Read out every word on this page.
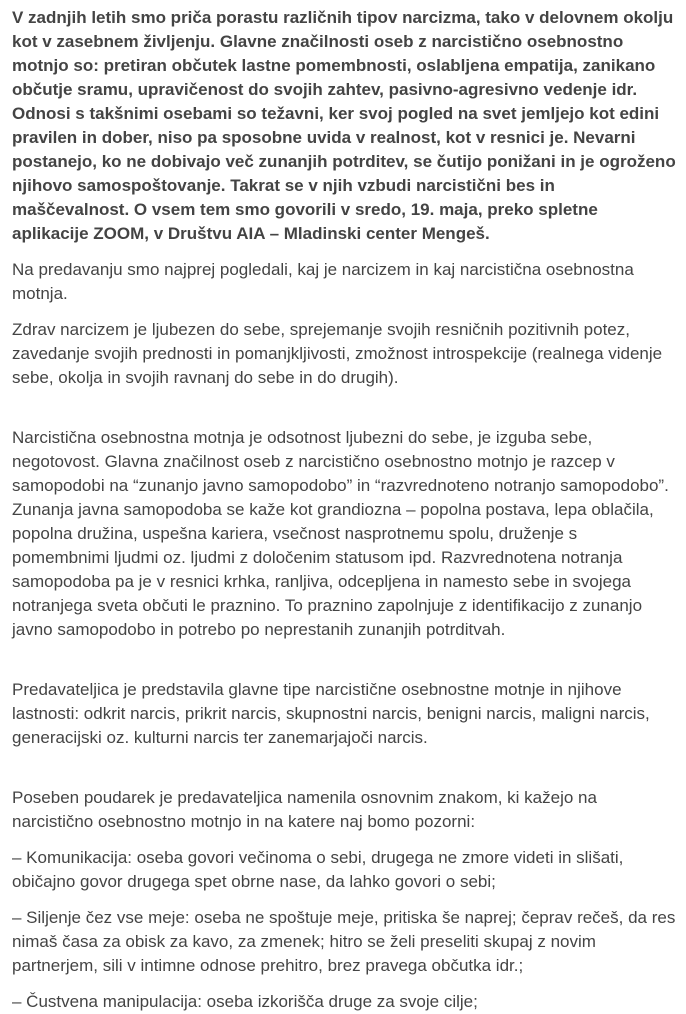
V zadnjih letih smo priča porastu različnih tipov narcizma, tako v delovnem okolju kot v zasebnem življenju. Glavne značilnosti oseb z narcistično osebnostno motnjo so: pretiran občutek lastne pomembnosti, oslabljena empatija, zanikano občutje sramu, upravičenost do svojih zahtev, pasivno-agresivno vedenje idr. Odnosi s takšnimi osebami so težavni, ker svoj pogled na svet jemljejo kot edini pravilen in dober, niso pa sposobne uvida v realnost, kot v resnici je. Nevarni postanejo, ko ne dobivajo več zunanjih potrditev, se čutijo ponižani in je ogroženo njihovo samospoštovanje. Takrat se v njih vzbudi narcistični bes in maščevalnost. O vsem tem smo govorili v sredo, 19. maja, preko spletne aplikacije ZOOM, v Društvu AIA – Mladinski center Mengeš.

Na predavanju smo najprej pogledali, kaj je narcizem in kaj narcistična osebnostna motnja.

Zdrav narcizem je ljubezen do sebe, sprejemanje svojih resničnih pozitivnih potez, zavedanje svojih prednosti in pomanjkljivosti, zmožnost introspekcije (realnega videnje sebe, okolja in svojih ravnanj do sebe in do drugih).

Narcistična osebnostna motnja je odsotnost ljubezni do sebe, je izguba sebe, negotovost. Glavna značilnost oseb z narcistično osebnostno motnjo je razcep v samopodobi na “zunanjo javno samopodobo” in “razvrednoteno notranjo samopodobo”. Zunanja javna samopodoba se kaže kot grandiozna – popolna postava, lepa oblačila, popolna družina, uspešna kariera, vsečnost nasprotnemu spolu, druženje s pomembnimi ljudmi oz. ljudmi z določenim statusom ipd. Razvrednotena notranja samopodoba pa je v resnici krhka, ranljiva, odcepljena in namesto sebe in svojega notranjega sveta občuti le praznino. To praznino zapolnjuje z identifikacijo z zunanjo javno samopodobo in potrebo po neprestanih zunanjih potrditvah.

Predavateljica je predstavila glavne tipe narcistične osebnostne motnje in njihove lastnosti: odkrit narcis, prikrit narcis, skupnostni narcis, benigni narcis, maligni narcis, generacijski oz. kulturni narcis ter zanemarjajoči narcis.

Poseben poudarek je predavateljica namenila osnovnim znakom, ki kažejo na narcistično osebnostno motnjo in na katere naj bomo pozorni:

– Komunikacija: oseba govori večinoma o sebi, drugega ne zmore videti in slišati, običajno govor drugega spet obrne nase, da lahko govori o sebi;

– Siljenje čez vse meje: oseba ne spoštuje meje, pritiska še naprej; čeprav rečeš, da res nimaš časa za obisk za kavo, za zmenek; hitro se želi preseliti skupaj z novim partnerjem, sili v intimne odnose prehitro, brez pravega občutka idr.;

– Čustvena manipulacija: oseba izkorišča druge za svoje cilje;
